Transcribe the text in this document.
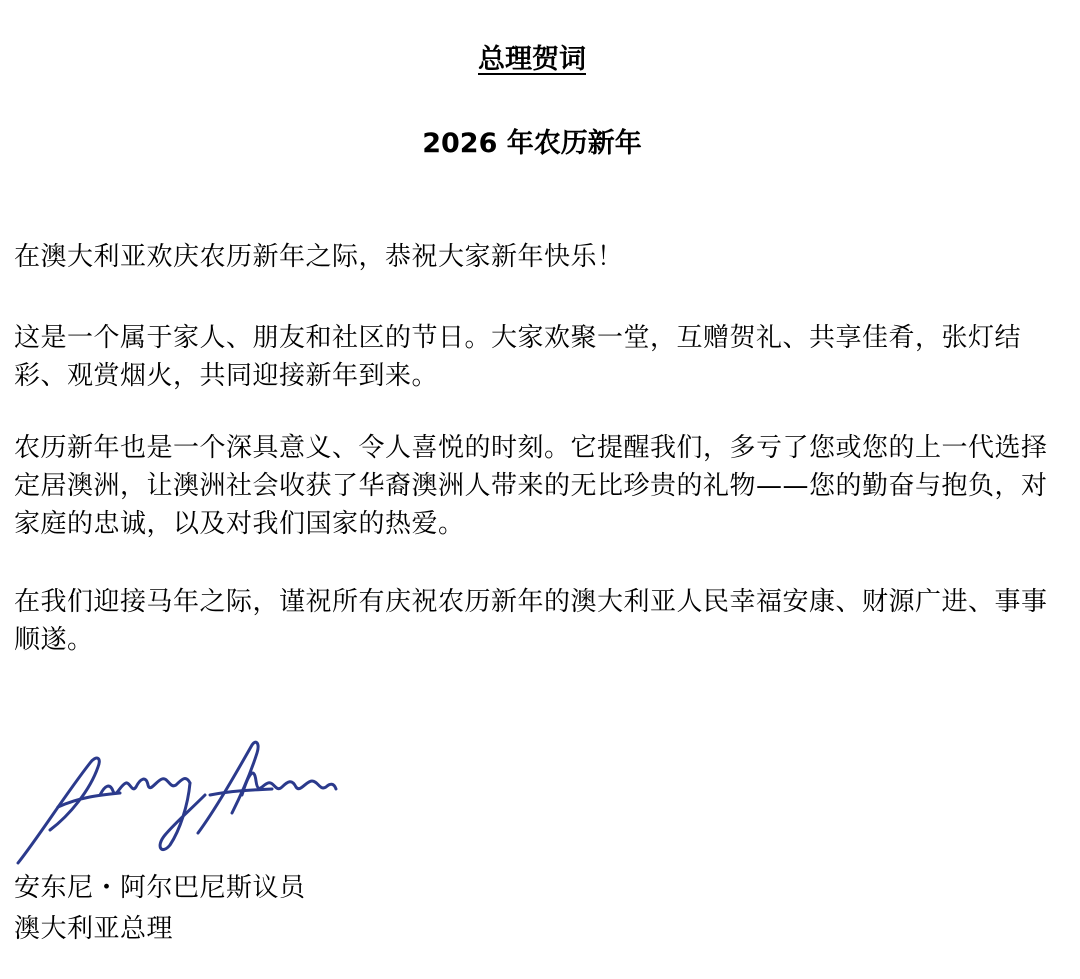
总理贺词
2026 年农历新年

在澳大利亚欢庆农历新年之际，恭祝大家新年快乐！

这是一个属于家人、朋友和社区的节日。大家欢聚一堂，互赠贺礼、共享佳肴，张灯结彩、观赏烟火，共同迎接新年到来。

农历新年也是一个深具意义、令人喜悦的时刻。它提醒我们，多亏了您或您的上一代选择定居澳洲，让澳洲社会收获了华裔澳洲人带来的无比珍贵的礼物——您的勤奋与抱负，对家庭的忠诚，以及对我们国家的热爱。

在我们迎接马年之际，谨祝所有庆祝农历新年的澳大利亚人民幸福安康、财源广进、事事顺遂。

安东尼・阿尔巴尼斯议员

澳大利亚总理
